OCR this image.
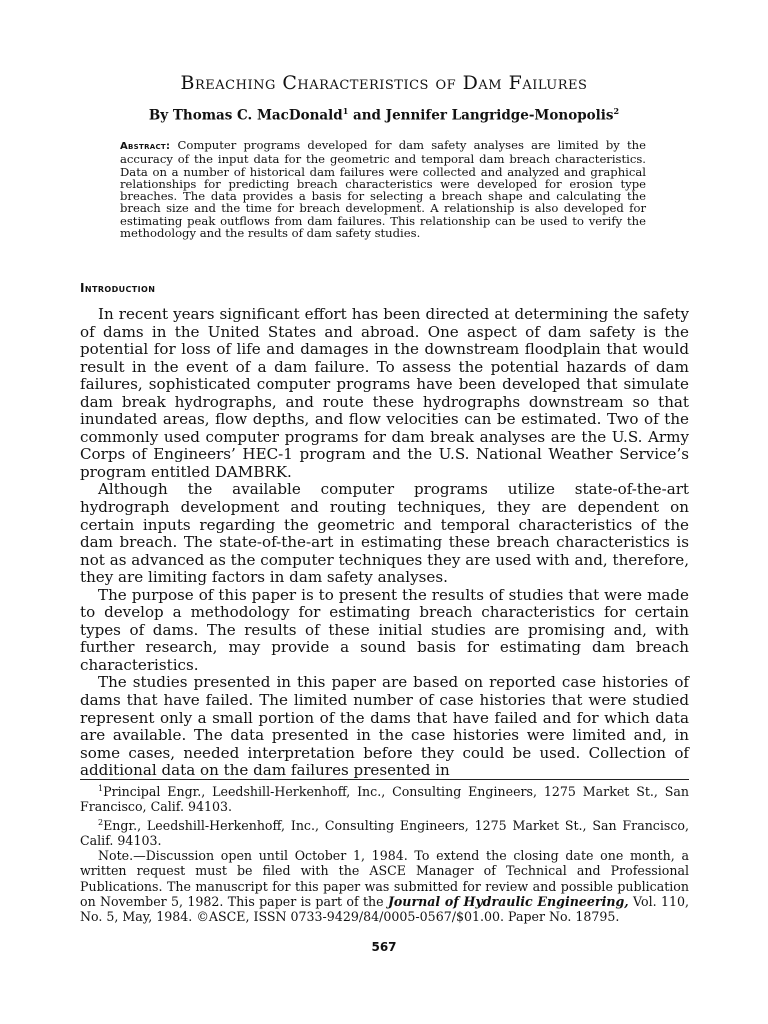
Breaching Characteristics of Dam Failures
By Thomas C. MacDonald$^1$ and Jennifer Langridge-Monopolis$^2$
Abstract: Computer programs developed for dam safety analyses are limited by the accuracy of the input data for the geometric and temporal dam breach characteristics. Data on a number of historical dam failures were collected and analyzed and graphical relationships for predicting breach characteristics were developed for erosion type breaches. The data provides a basis for selecting a breach shape and calculating the breach size and the time for breach development. A relationship is also developed for estimating peak outflows from dam failures. This relationship can be used to verify the methodology and the results of dam safety studies.
Introduction

In recent years significant effort has been directed at determining the safety of dams in the United States and abroad. One aspect of dam safety is the potential for loss of life and damages in the downstream floodplain that would result in the event of a dam failure. To assess the potential hazards of dam failures, sophisticated computer programs have been developed that simulate dam break hydrographs, and route these hydrographs downstream so that inundated areas, flow depths, and flow velocities can be estimated. Two of the commonly used computer programs for dam break analyses are the U.S. Army Corps of Engineers’ HEC-1 program and the U.S. National Weather Service’s program entitled DAMBRK.

Although the available computer programs utilize state-of-the-art hydrograph development and routing techniques, they are dependent on certain inputs regarding the geometric and temporal characteristics of the dam breach. The state-of-the-art in estimating these breach characteristics is not as advanced as the computer techniques they are used with and, therefore, they are limiting factors in dam safety analyses.

The purpose of this paper is to present the results of studies that were made to develop a methodology for estimating breach characteristics for certain types of dams. The results of these initial studies are promising and, with further research, may provide a sound basis for estimating dam breach characteristics.

The studies presented in this paper are based on reported case histories of dams that have failed. The limited number of case histories that were studied represent only a small portion of the dams that have failed and for which data are available. The data presented in the case histories were limited and, in some cases, needed interpretation before they could be used. Collection of additional data on the dam failures presented in

$^1$Principal Engr., Leedshill-Herkenhoff, Inc., Consulting Engineers, 1275 Market St., San Francisco, Calif. 94103.

$^2$Engr., Leedshill-Herkenhoff, Inc., Consulting Engineers, 1275 Market St., San Francisco, Calif. 94103.

Note.—Discussion open until October 1, 1984. To extend the closing date one month, a written request must be filed with the ASCE Manager of Technical and Professional Publications. The manuscript for this paper was submitted for review and possible publication on November 5, 1982. This paper is part of the Journal of Hydraulic Engineering, Vol. 110, No. 5, May, 1984. ©ASCE, ISSN 0733-9429/84/0005-0567/$01.00. Paper No. 18795.

567
